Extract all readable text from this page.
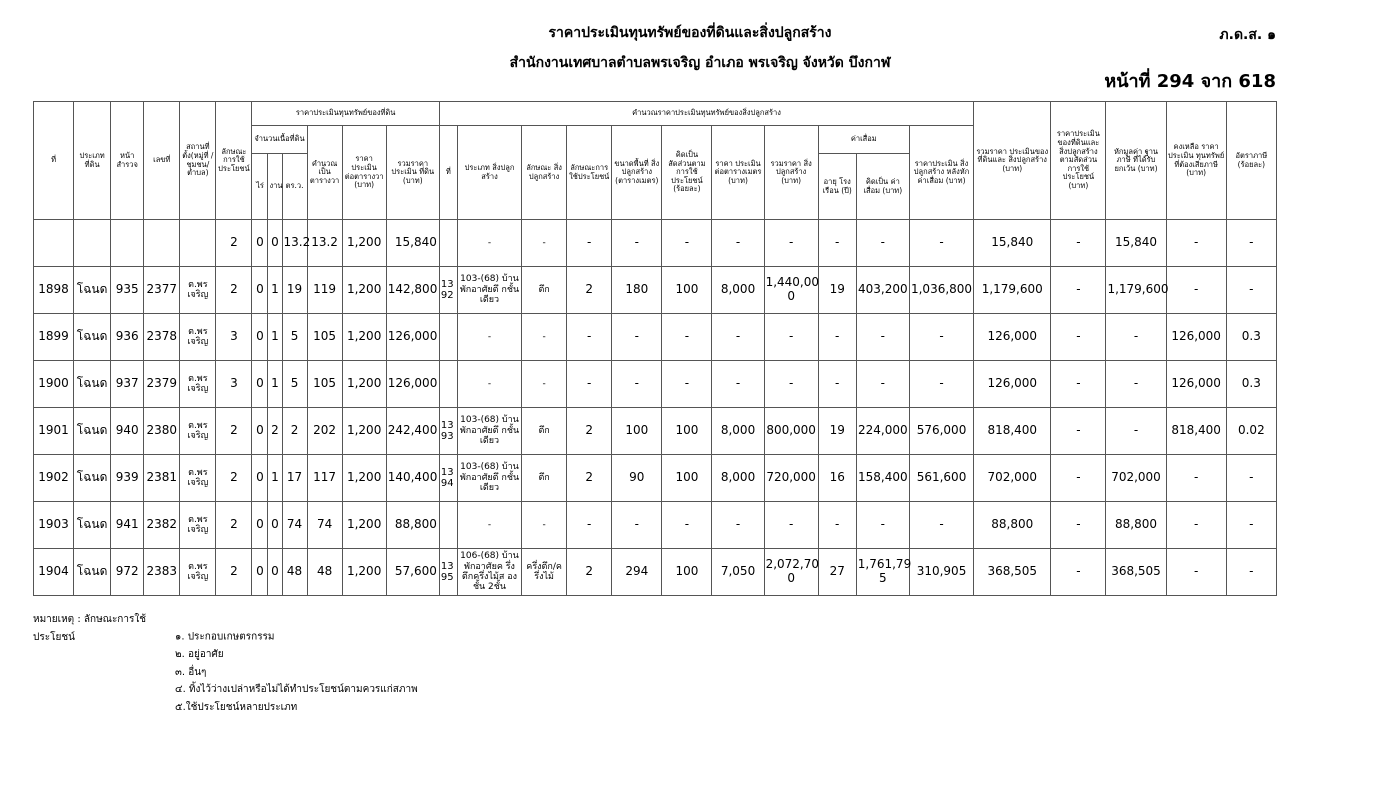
ราคาประเมินทุนทรัพย์ของที่ดินและสิ่งปลูกสร้าง
สำนักงานเทศบาลตำบลพรเจริญ อำเภอ พรเจริญ จังหวัด บึงกาฬ
ภ.ด.ส. ๑
หน้าที่ 294 จาก 618
ที่	ประเภท ที่ดิน	หน้า สำรวจ	เลขที่	สถานที่ ตั้ง(หมู่ที่ /ชุมชน/ ตำบล)	ลักษณะ การใช้ ประโยชน์	ราคาประเมินทุนทรัพย์ของที่ดิน						คำนวณราคาประเมินทุนทรัพย์ของสิ่งปลูกสร้าง											รวมราคา ประเมินของ ที่ดินและ สิ่งปลูกสร้าง (บาท)	ราคาประเมิน ของที่ดินและ สิ่งปลูกสร้าง ตามสัดส่วน การใช้ประโยชน์ (บาท)	หักมูลค่า ฐานภาษี ที่ได้รับ ยกเว้น (บาท)	คงเหลือ ราคาประเมิน ทุนทรัพย์ ที่ต้องเสียภาษี (บาท)	อัตราภาษี (ร้อยละ)
						จำนวนเนื้อที่ดิน			คำนวณ เป็น ตารางวา	ราคา ประเมิน ต่อตารางวา (บาท)	รวมราคา ประเมิน ที่ดิน (บาท)	ที่	ประเภท สิ่งปลูกสร้าง	ลักษณะ สิ่งปลูกสร้าง	ลักษณะการ ใช้ประโยชน์	ขนาดพื้นที่ สิ่งปลูกสร้าง (ตารางเมตร)	คิดเป็น สัดส่วนตาม การใช้ ประโยชน์ (ร้อยละ)	ราคา ประเมิน ต่อตารางเมตร (บาท)	รวมราคา สิ่งปลูกสร้าง (บาท)	ค่าเสื่อม		ราคาประเมิน สิ่งปลูกสร้าง หลังหัก ค่าเสื่อม (บาท)					
						ไร่	งาน	ตร.ว.												อายุ โรงเรือน (ปี)	คิดเป็น ค่าเสื่อม (บาท)						
					2	0	0	13.2	13.2	1,200	15,840		-	-	-	-	-	-	-	-	-	-	15,840	-	15,840	-	-
1898	โฉนด	935	2377	ต.พร เจริญ	2	0	1	19	119	1,200	142,800	13 92	103-(68) บ้านพักอาศัยตึ กชั้นเดียว	ตึก	2	180	100	8,000	1,440,00 0	19	403,200	1,036,800	1,179,600	-	1,179,600	-	-
1899	โฉนด	936	2378	ต.พร เจริญ	3	0	1	5	105	1,200	126,000		-	-	-	-	-	-	-	-	-	-	126,000	-	-	126,000	0.3
1900	โฉนด	937	2379	ต.พร เจริญ	3	0	1	5	105	1,200	126,000		-	-	-	-	-	-	-	-	-	-	126,000	-	-	126,000	0.3
1901	โฉนด	940	2380	ต.พร เจริญ	2	0	2	2	202	1,200	242,400	13 93	103-(68) บ้านพักอาศัยตึ กชั้นเดียว	ตึก	2	100	100	8,000	800,000	19	224,000	576,000	818,400	-	-	818,400	0.02
1902	โฉนด	939	2381	ต.พร เจริญ	2	0	1	17	117	1,200	140,400	13 94	103-(68) บ้านพักอาศัยตึ กชั้นเดียว	ตึก	2	90	100	8,000	720,000	16	158,400	561,600	702,000	-	702,000	-	-
1903	โฉนด	941	2382	ต.พร เจริญ	2	0	0	74	74	1,200	88,800		-	-	-	-	-	-	-	-	-	-	88,800	-	88,800	-	-
1904	โฉนด	972	2383	ต.พร เจริญ	2	0	0	48	48	1,200	57,600	13 95	106-(68) บ้านพักอาศัยค รึ่งตึกครึ่งไม้ส องชั้น 2ชั้น	ครึ่งตึก/ค รึ่งไม้	2	294	100	7,050	2,072,70 0	27	1,761,79 5	310,905	368,505	-	368,505	-	-
หมายเหตุ : ลักษณะการใช้ประโยชน์	๑. ประกอบเกษตรกรรม
๒. อยู่อาศัย
๓. อื่นๆ
๔. ทิ้งไว้ว่างเปล่าหรือไม่ได้ทำประโยชน์ตามควรแก่สภาพ
๕.ใช้ประโยชน์หลายประเภท
